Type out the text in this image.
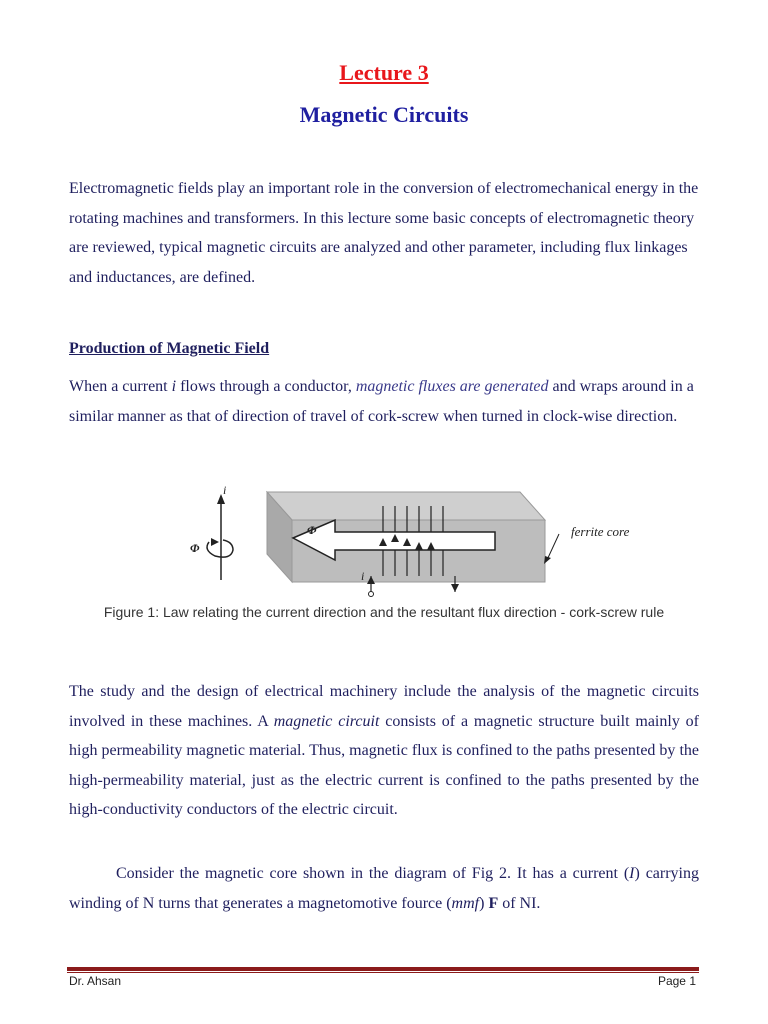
Lecture 3
Magnetic Circuits
Electromagnetic fields play an important role in the conversion of electromechanical energy in the rotating machines and transformers. In this lecture some basic concepts of electromagnetic theory are reviewed, typical magnetic circuits are analyzed and other parameter, including flux linkages and inductances, are defined.
Production of Magnetic Field
When a current i flows through a conductor, magnetic fluxes are generated and wraps around in a similar manner as that of direction of travel of cork-screw when turned in clock-wise direction.
i
Φ
Φ
i
ferrite core
Figure 1: Law relating the current direction and the resultant flux direction - cork-screw rule
The study and the design of electrical machinery include the analysis of the magnetic circuits involved in these machines. A magnetic circuit consists of a magnetic structure built mainly of high permeability magnetic material. Thus, magnetic flux is confined to the paths presented by the high-permeability material, just as the electric current is confined to the paths presented by the high-conductivity conductors of the electric circuit.
Consider the magnetic core shown in the diagram of Fig 2. It has a current (I) carrying winding of N turns that generates a magnetomotive fource (mmf) F of NI.
Dr. Ahsan	Page 1
